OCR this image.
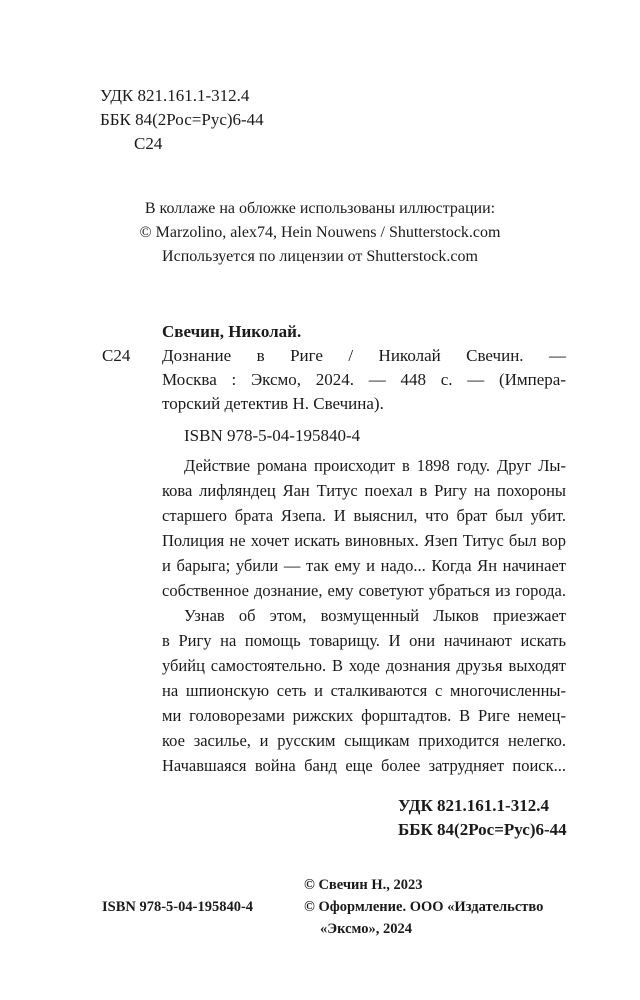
УДК 821.161.1-312.4
ББК 84(2Рос=Рус)6-44
С24
В коллаже на обложке использованы иллюстрации:
© Marzolino, alex74, Hein Nouwens / Shutterstock.com
Используется по лицензии от Shutterstock.com
Свечин, Николай.
С24 Дознание в Риге / Николай Свечин. —
Москва : Эксмо, 2024. — 448 с. — (Импера-
торский детектив Н. Свечина).
ISBN 978-5-04-195840-4
Действие романа происходит в 1898 году. Друг Лы-
кова лифляндец Яан Титус поехал в Ригу на похороны
старшего брата Язепа. И выяснил, что брат был убит.
Полиция не хочет искать виновных. Язеп Титус был вор
и барыга; убили — так ему и надо... Когда Ян начинает
собственное дознание, ему советуют убраться из города.
Узнав об этом, возмущенный Лыков приезжает
в Ригу на помощь товарищу. И они начинают искать
убийц самостоятельно. В ходе дознания друзья выходят
на шпионскую сеть и сталкиваются с многочисленны-
ми головорезами рижских форштадтов. В Риге немец-
кое засилье, и русским сыщикам приходится нелегко.
Начавшаяся война банд еще более затрудняет поиск...
УДК 821.161.1-312.4
ББК 84(2Рос=Рус)6-44
© Свечин Н., 2023
© Оформление. ООО «Издательство
«Эксмо», 2024
ISBN 978-5-04-195840-4
